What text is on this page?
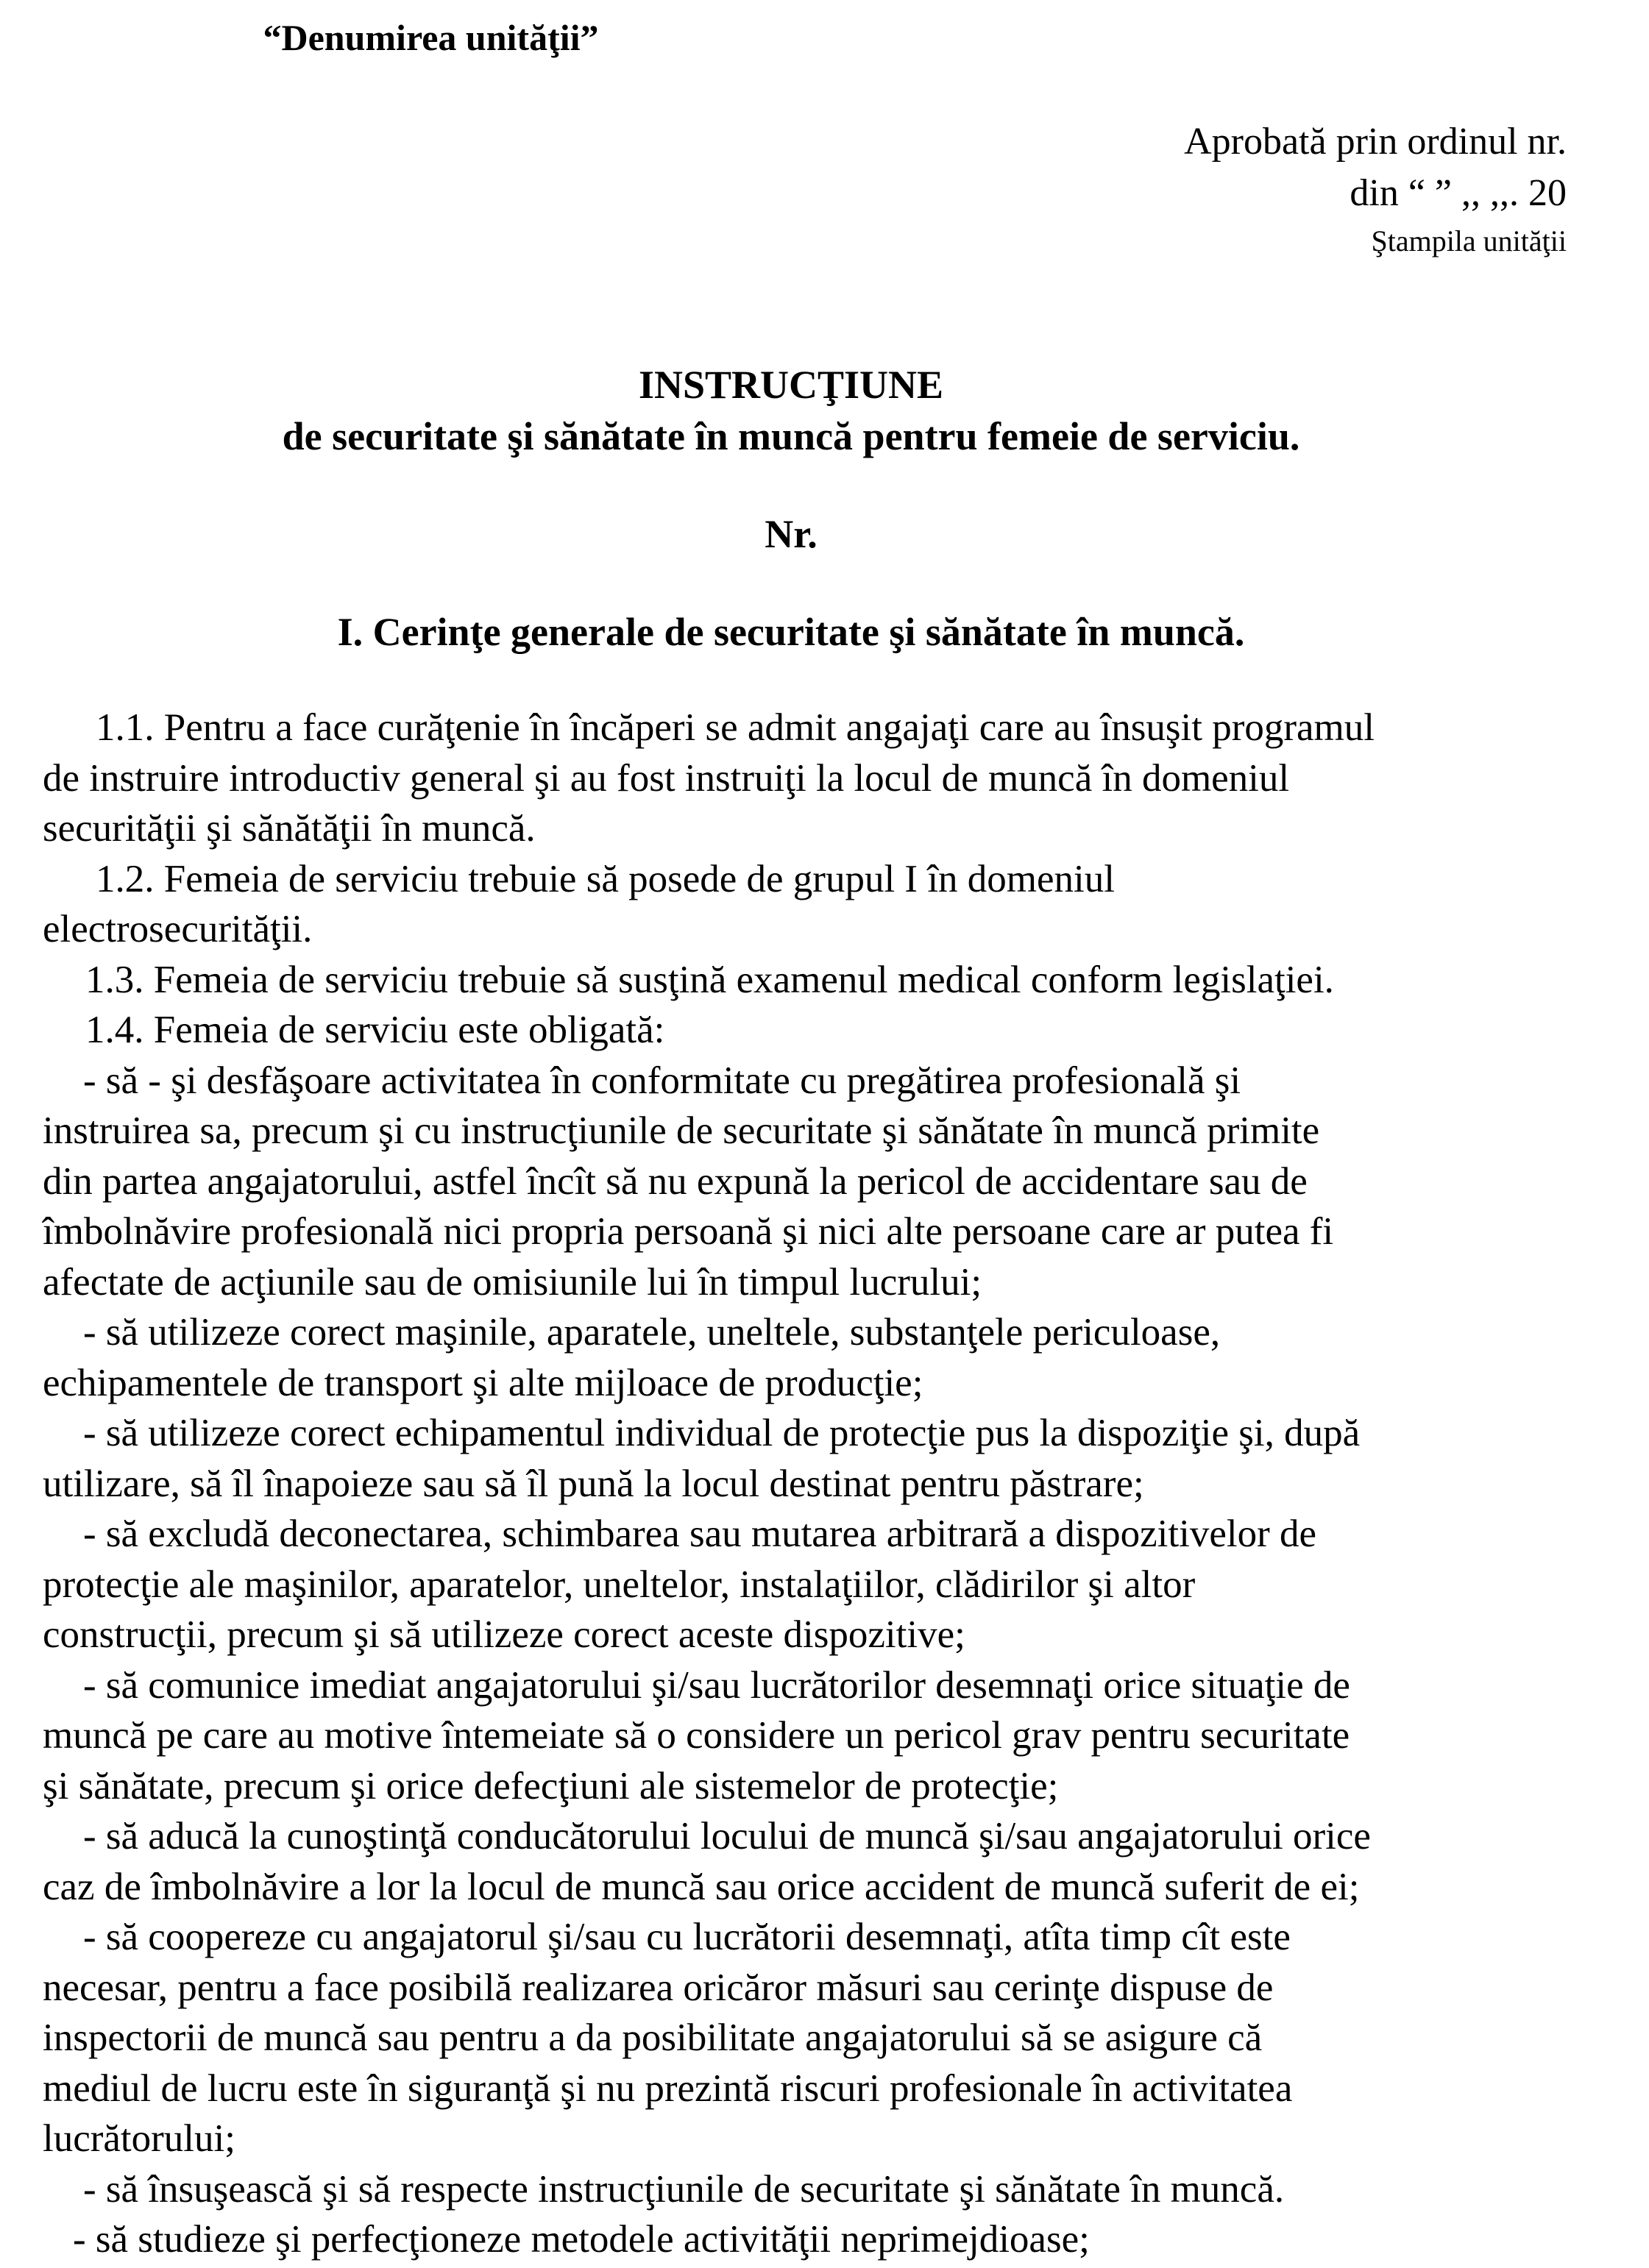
“Denumirea unităţii”
Aprobată prin ordinul nr.
din “ ” ,, ,,. 20
Ştampila unităţii
INSTRUCŢIUNE
de securitate şi sănătate în muncă pentru femeie de serviciu.
Nr.
I. Cerinţe generale de securitate şi sănătate în muncă.
1.1. Pentru a face curăţenie în încăperi se admit angajaţi care au însuşit programul
de instruire introductiv general şi au fost instruiţi la locul de muncă în domeniul
securităţii şi sănătăţii în muncă.
1.2. Femeia de serviciu trebuie să posede de grupul I în domeniul
electrosecurităţii.
1.3. Femeia de serviciu trebuie să susţină examenul medical conform legislaţiei.
1.4. Femeia de serviciu este obligată:
- să - şi desfăşoare activitatea în conformitate cu pregătirea profesională şi
instruirea sa, precum şi cu instrucţiunile de securitate şi sănătate în muncă primite
din partea angajatorului, astfel încît să nu expună la pericol de accidentare sau de
îmbolnăvire profesională nici propria persoană şi nici alte persoane care ar putea fi
afectate de acţiunile sau de omisiunile lui în timpul lucrului;
- să utilizeze corect maşinile, aparatele, uneltele, substanţele periculoase,
echipamentele de transport şi alte mijloace de producţie;
- să utilizeze corect echipamentul individual de protecţie pus la dispoziţie şi, după
utilizare, să îl înapoieze sau să îl pună la locul destinat pentru păstrare;
- să excludă deconectarea, schimbarea sau mutarea arbitrară a dispozitivelor de
protecţie ale maşinilor, aparatelor, uneltelor, instalaţiilor, clădirilor şi altor
construcţii, precum şi să utilizeze corect aceste dispozitive;
- să comunice imediat angajatorului şi/sau lucrătorilor desemnaţi orice situaţie de
muncă pe care au motive întemeiate să o considere un pericol grav pentru securitate
şi sănătate, precum şi orice defecţiuni ale sistemelor de protecţie;
- să aducă la cunoştinţă conducătorului locului de muncă şi/sau angajatorului orice
caz de îmbolnăvire a lor la locul de muncă sau orice accident de muncă suferit de ei;
- să coopereze cu angajatorul şi/sau cu lucrătorii desemnaţi, atîta timp cît este
necesar, pentru a face posibilă realizarea oricăror măsuri sau cerinţe dispuse de
inspectorii de muncă sau pentru a da posibilitate angajatorului să se asigure că
mediul de lucru este în siguranţă şi nu prezintă riscuri profesionale în activitatea
lucrătorului;
- să însuşească şi să respecte instrucţiunile de securitate şi sănătate în muncă.
- să studieze şi perfecţioneze metodele activităţii neprimejdioase;
